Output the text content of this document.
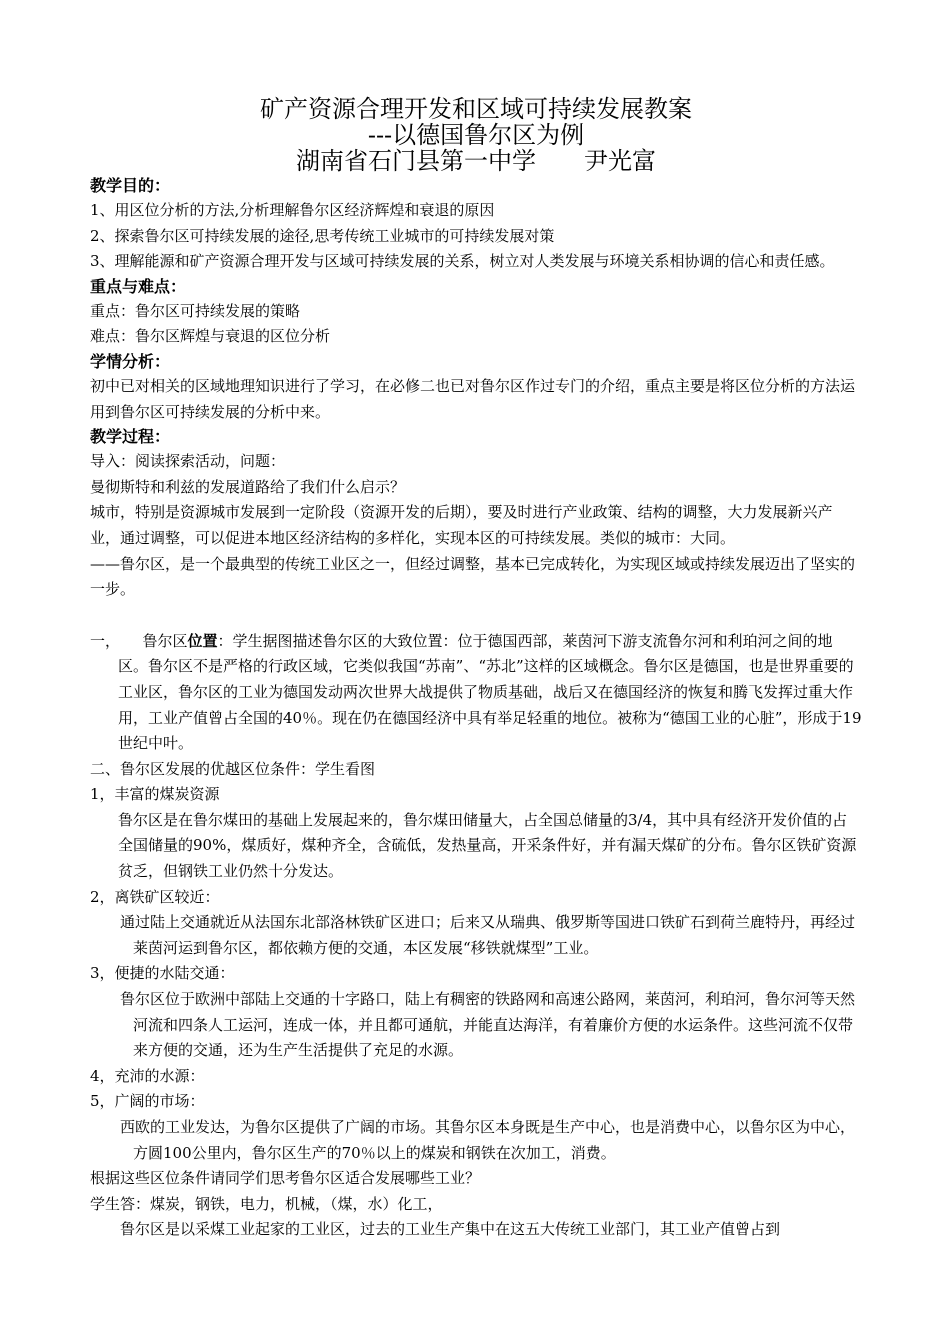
矿产资源合理开发和区域可持续发展教案
---以德国鲁尔区为例
湖南省石门县第一中学　　尹光富
教学目的：

1、用区位分析的方法,分析理解鲁尔区经济辉煌和衰退的原因

2、探索鲁尔区可持续发展的途径,思考传统工业城市的可持续发展对策

3、理解能源和矿产资源合理开发与区域可持续发展的关系，树立对人类发展与环境关系相协调的信心和责任感。

重点与难点：

重点：鲁尔区可持续发展的策略

难点：鲁尔区辉煌与衰退的区位分析

学情分析：

初中已对相关的区域地理知识进行了学习，在必修二也已对鲁尔区作过专门的介绍，重点主要是将区位分析的方法运用到鲁尔区可持续发展的分析中来。

教学过程：

导入：阅读探索活动，问题：

曼彻斯特和利兹的发展道路给了我们什么启示？

城市，特别是资源城市发展到一定阶段（资源开发的后期），要及时进行产业政策、结构的调整，大力发展新兴产业，通过调整，可以促进本地区经济结构的多样化，实现本区的可持续发展。类似的城市：大同。

——鲁尔区，是一个最典型的传统工业区之一，但经过调整，基本已完成转化，为实现区域或持续发展迈出了坚实的一步。

一，　　鲁尔区位置：学生据图描述鲁尔区的大致位置：位于德国西部，莱茵河下游支流鲁尔河和利珀河之间的地区。鲁尔区不是严格的行政区域，它类似我国“苏南”、“苏北”这样的区域概念。鲁尔区是德国，也是世界重要的工业区，鲁尔区的工业为德国发动两次世界大战提供了物质基础，战后又在德国经济的恢复和腾飞发挥过重大作用，工业产值曾占全国的40％。现在仍在德国经济中具有举足轻重的地位。被称为“德国工业的心脏”，形成于19世纪中叶。

二、鲁尔区发展的优越区位条件：学生看图

1，丰富的煤炭资源

鲁尔区是在鲁尔煤田的基础上发展起来的，鲁尔煤田储量大，占全国总储量的3/4，其中具有经济开发价值的占全国储量的90%，煤质好，煤种齐全，含硫低，发热量高，开采条件好，并有漏天煤矿的分布。鲁尔区铁矿资源贫乏，但钢铁工业仍然十分发达。

2，离铁矿区较近：

通过陆上交通就近从法国东北部洛林铁矿区进口；后来又从瑞典、俄罗斯等国进口铁矿石到荷兰鹿特丹，再经过莱茵河运到鲁尔区，都依赖方便的交通，本区发展“移铁就煤型”工业。

3，便捷的水陆交通：

鲁尔区位于欧洲中部陆上交通的十字路口，陆上有稠密的铁路网和高速公路网，莱茵河，利珀河，鲁尔河等天然河流和四条人工运河，连成一体，并且都可通航，并能直达海洋，有着廉价方便的水运条件。这些河流不仅带来方便的交通，还为生产生活提供了充足的水源。

4，充沛的水源：

5，广阔的市场：

西欧的工业发达，为鲁尔区提供了广阔的市场。其鲁尔区本身既是生产中心，也是消费中心，以鲁尔区为中心，方圆100公里内，鲁尔区生产的70％以上的煤炭和钢铁在次加工，消费。

根据这些区位条件请同学们思考鲁尔区适合发展哪些工业？

学生答：煤炭，钢铁，电力，机械，（煤，水）化工，

鲁尔区是以采煤工业起家的工业区，过去的工业生产集中在这五大传统工业部门，其工业产值曾占到
